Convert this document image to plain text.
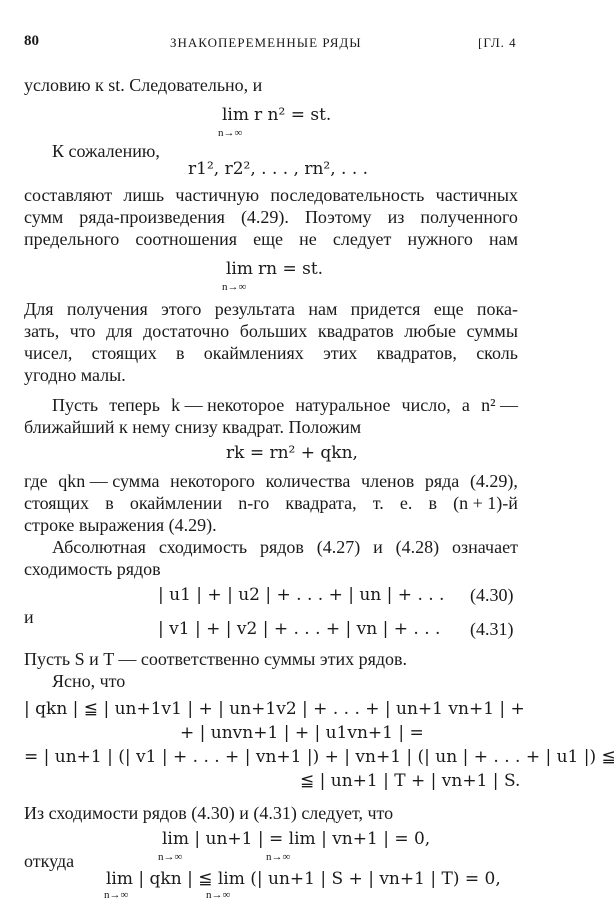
80	ЗНАКОПЕРЕМЕННЫЕ РЯДЫ	[ГЛ. 4
условию к st. Следовательно, и
lim r n² = st.
n→∞
К сожалению,
r1², r2², . . . , rn², . . .
составляют лишь частичную последовательность частичных
сумм ряда-произведения (4.29). Поэтому из полученного
предельного соотношения еще не следует нужного нам
lim rn = st.
n→∞
Для получения этого результата нам придется еще пока-
зать, что для достаточно больших квадратов любые суммы
чисел, стоящих в окаймлениях этих квадратов, сколь
угодно малы.
Пусть теперь k — некоторое натуральное число, а n² —
ближайший к нему снизу квадрат. Положим
rk = rn² + qkn,
где qkn — сумма некоторого количества членов ряда (4.29),
стоящих в окаймлении n-го квадрата, т. е. в (n + 1)-й
строке выражения (4.29).
Абсолютная сходимость рядов (4.27) и (4.28) означает
сходимость рядов
| u1 | + | u2 | + . . . + | un | + . . . (4.30)
и
| v1 | + | v2 | + . . . + | vn | + . . . (4.31)
Пусть S и T — соответственно суммы этих рядов.
Ясно, что
| qkn | ≦ | un+1v1 | + | un+1v2 | + . . . + | un+1 vn+1 | +
+ | unvn+1 | + | u1vn+1 | =
= | un+1 | (| v1 | + . . . + | vn+1 |) + | vn+1 | (| un | + . . . + | u1 |) ≦
≦ | un+1 | T + | vn+1 | S.
Из сходимости рядов (4.30) и (4.31) следует, что
lim | un+1 | = lim | vn+1 | = 0,
n→∞	n→∞
откуда
lim | qkn | ≦ lim (| un+1 | S + | vn+1 | T) = 0,
n→∞	n→∞
